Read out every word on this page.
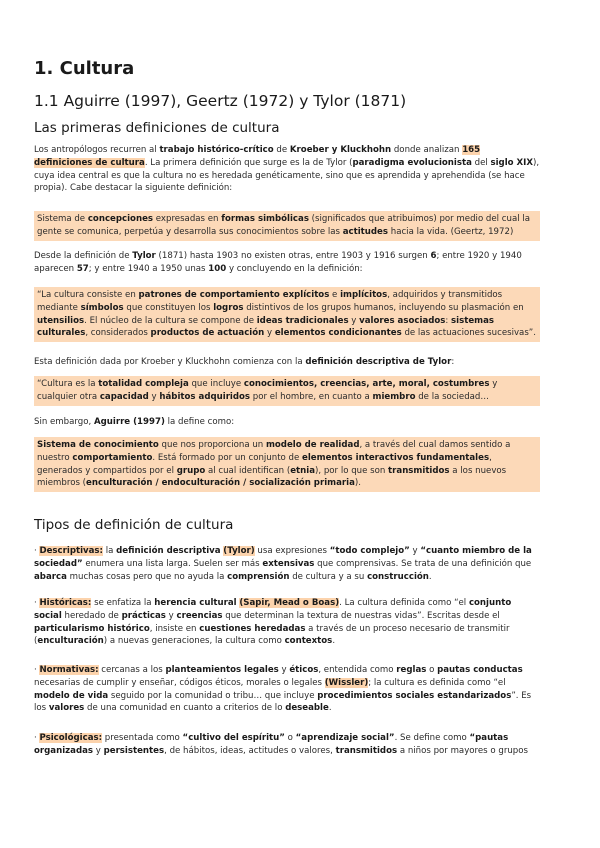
1. Cultura
1.1 Aguirre (1997), Geertz (1972) y Tylor (1871)
Las primeras definiciones de cultura
Los antropólogos recurren al trabajo histórico-crítico de Kroeber y Kluckhohn donde analizan 165 definiciones de cultura. La primera definición que surge es la de Tylor (paradigma evolucionista del siglo XIX), cuya idea central es que la cultura no es heredada genéticamente, sino que es aprendida y aprehendida (se hace propia). Cabe destacar la siguiente definición:
Sistema de concepciones expresadas en formas simbólicas (significados que atribuimos) por medio del cual la gente se comunica, perpetúa y desarrolla sus conocimientos sobre las actitudes hacia la vida. (Geertz, 1972)
Desde la definición de Tylor (1871) hasta 1903 no existen otras, entre 1903 y 1916 surgen 6; entre 1920 y 1940 aparecen 57; y entre 1940 a 1950 unas 100 y concluyendo en la definición:
“La cultura consiste en patrones de comportamiento explícitos e implícitos, adquiridos y transmitidos mediante símbolos que constituyen los logros distintivos de los grupos humanos, incluyendo su plasmación en utensilios. El núcleo de la cultura se compone de ideas tradicionales y valores asociados: sistemas culturales, considerados productos de actuación y elementos condicionantes de las actuaciones sucesivas”.
Esta definición dada por Kroeber y Kluckhohn comienza con la definición descriptiva de Tylor:
“Cultura es la totalidad compleja que incluye conocimientos, creencias, arte, moral, costumbres y cualquier otra capacidad y hábitos adquiridos por el hombre, en cuanto a miembro de la sociedad…
Sin embargo, Aguirre (1997) la define como:
Sistema de conocimiento que nos proporciona un modelo de realidad, a través del cual damos sentido a nuestro comportamiento. Está formado por un conjunto de elementos interactivos fundamentales, generados y compartidos por el grupo al cual identifican (etnia), por lo que son transmitidos a los nuevos miembros (enculturación / endoculturación / socialización primaria).
Tipos de definición de cultura
· Descriptivas: la definición descriptiva (Tylor) usa expresiones “todo complejo” y “cuanto miembro de la sociedad” enumera una lista larga. Suelen ser más extensivas que comprensivas. Se trata de una definición que abarca muchas cosas pero que no ayuda la comprensión de cultura y a su construcción.
· Históricas: se enfatiza la herencia cultural (Sapir, Mead o Boas). La cultura definida como “el conjunto social heredado de prácticas y creencias que determinan la textura de nuestras vidas”. Escritas desde el particularismo histórico, insiste en cuestiones heredadas a través de un proceso necesario de transmitir (enculturación) a nuevas generaciones, la cultura como contextos.
· Normativas: cercanas a los planteamientos legales y éticos, entendida como reglas o pautas conductas necesarias de cumplir y enseñar, códigos éticos, morales o legales (Wissler); la cultura es definida como “el modelo de vida seguido por la comunidad o tribu… que incluye procedimientos sociales estandarizados”. Es los valores de una comunidad en cuanto a criterios de lo deseable.
· Psicológicas: presentada como “cultivo del espíritu” o “aprendizaje social”. Se define como “pautas organizadas y persistentes, de hábitos, ideas, actitudes o valores, transmitidos a niños por mayores o grupos
